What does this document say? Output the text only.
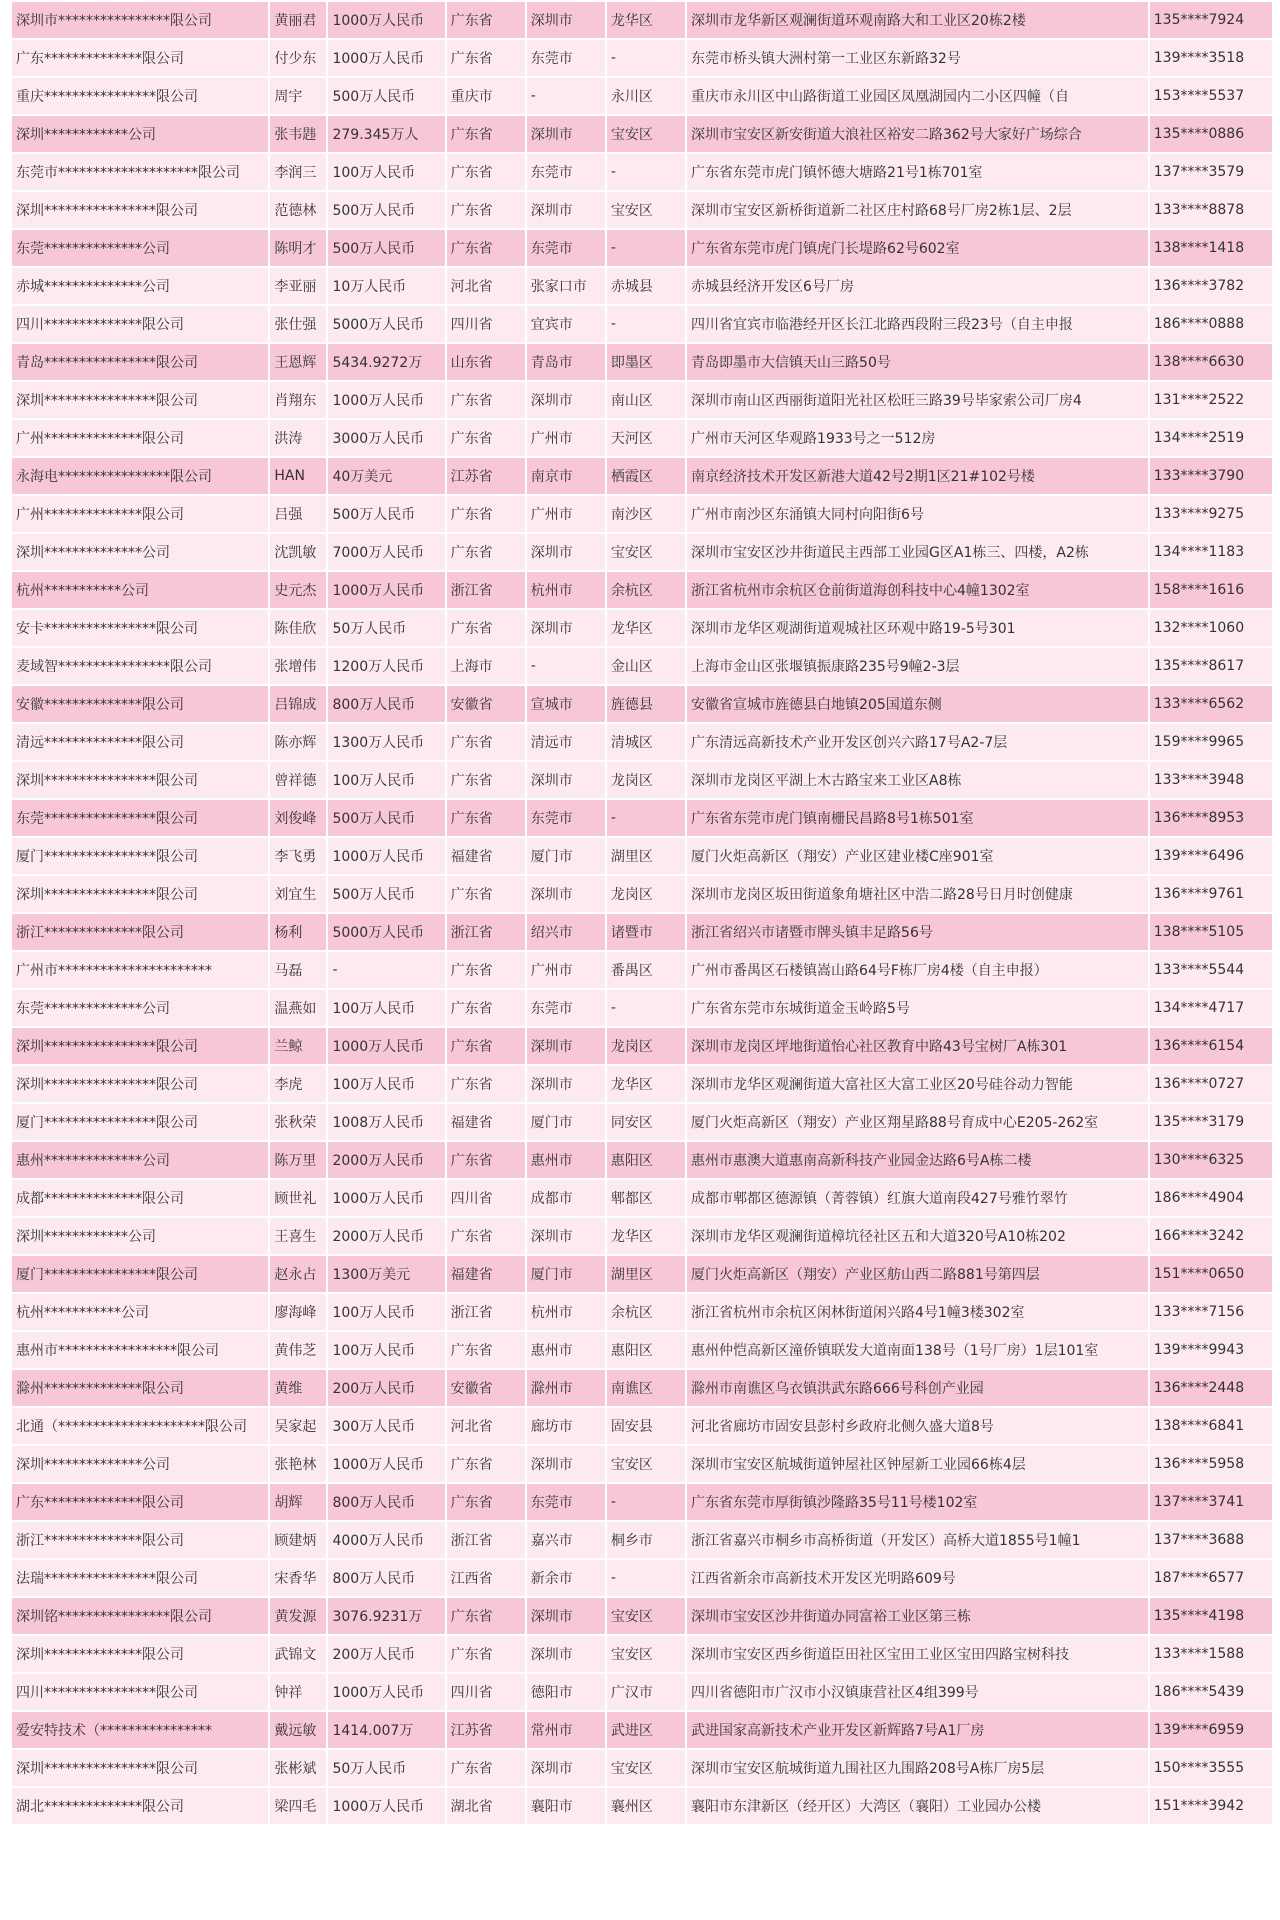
深圳市****************限公司	黄丽君	1000万人民币	广东省	深圳市	龙华区	深圳市龙华新区观澜街道环观南路大和工业区20栋2楼	135****7924
广东**************限公司	付少东	1000万人民币	广东省	东莞市	-	东莞市桥头镇大洲村第一工业区东新路32号	139****3518
重庆****************限公司	周宇	500万人民币	重庆市	-	永川区	重庆市永川区中山路街道工业园区凤凰湖园内二小区四幢（自	153****5537
深圳************公司	张韦韪	279.345万人	广东省	深圳市	宝安区	深圳市宝安区新安街道大浪社区裕安二路362号大家好广场综合	135****0886
东莞市********************限公司	李润三	100万人民币	广东省	东莞市	-	广东省东莞市虎门镇怀德大塘路21号1栋701室	137****3579
深圳****************限公司	范德林	500万人民币	广东省	深圳市	宝安区	深圳市宝安区新桥街道新二社区庄村路68号厂房2栋1层、2层	133****8878
东莞**************公司	陈明才	500万人民币	广东省	东莞市	-	广东省东莞市虎门镇虎门长堤路62号602室	138****1418
赤城**************公司	李亚丽	10万人民币	河北省	张家口市	赤城县	赤城县经济开发区6号厂房	136****3782
四川**************限公司	张仕强	5000万人民币	四川省	宜宾市	-	四川省宜宾市临港经开区长江北路西段附三段23号（自主申报	186****0888
青岛****************限公司	王恩辉	5434.9272万	山东省	青岛市	即墨区	青岛即墨市大信镇天山三路50号	138****6630
深圳****************限公司	肖翔东	1000万人民币	广东省	深圳市	南山区	深圳市南山区西丽街道阳光社区松旺三路39号毕家索公司厂房4	131****2522
广州**************限公司	洪涛	3000万人民币	广东省	广州市	天河区	广州市天河区华观路1933号之一512房	134****2519
永海电****************限公司	HAN	40万美元	江苏省	南京市	栖霞区	南京经济技术开发区新港大道42号2期1区21#102号楼	133****3790
广州**************限公司	吕强	500万人民币	广东省	广州市	南沙区	广州市南沙区东涌镇大同村向阳街6号	133****9275
深圳**************公司	沈凯敏	7000万人民币	广东省	深圳市	宝安区	深圳市宝安区沙井街道民主西部工业园G区A1栋三、四楼，A2栋	134****1183
杭州***********公司	史元杰	1000万人民币	浙江省	杭州市	余杭区	浙江省杭州市余杭区仓前街道海创科技中心4幢1302室	158****1616
安卡****************限公司	陈佳欣	50万人民币	广东省	深圳市	龙华区	深圳市龙华区观湖街道观城社区环观中路19-5号301	132****1060
麦域智****************限公司	张增伟	1200万人民币	上海市	-	金山区	上海市金山区张堰镇振康路235号9幢2-3层	135****8617
安徽**************限公司	吕锦成	800万人民币	安徽省	宣城市	旌德县	安徽省宣城市旌德县白地镇205国道东侧	133****6562
清远**************限公司	陈亦辉	1300万人民币	广东省	清远市	清城区	广东清远高新技术产业开发区创兴六路17号A2-7层	159****9965
深圳****************限公司	曾祥德	100万人民币	广东省	深圳市	龙岗区	深圳市龙岗区平湖上木古路宝来工业区A8栋	133****3948
东莞****************限公司	刘俊峰	500万人民币	广东省	东莞市	-	广东省东莞市虎门镇南栅民昌路8号1栋501室	136****8953
厦门****************限公司	李飞勇	1000万人民币	福建省	厦门市	湖里区	厦门火炬高新区（翔安）产业区建业楼C座901室	139****6496
深圳****************限公司	刘宜生	500万人民币	广东省	深圳市	龙岗区	深圳市龙岗区坂田街道象角塘社区中浩二路28号日月时创健康	136****9761
浙江**************限公司	杨利	5000万人民币	浙江省	绍兴市	诸暨市	浙江省绍兴市诸暨市牌头镇丰足路56号	138****5105
广州市**********************	马磊	-	广东省	广州市	番禺区	广州市番禺区石楼镇嵩山路64号F栋厂房4楼（自主申报）	133****5544
东莞**************公司	温燕如	100万人民币	广东省	东莞市	-	广东省东莞市东城街道金玉岭路5号	134****4717
深圳****************限公司	兰鲸	1000万人民币	广东省	深圳市	龙岗区	深圳市龙岗区坪地街道怡心社区教育中路43号宝树厂A栋301	136****6154
深圳****************限公司	李虎	100万人民币	广东省	深圳市	龙华区	深圳市龙华区观澜街道大富社区大富工业区20号硅谷动力智能	136****0727
厦门****************限公司	张秋荣	1008万人民币	福建省	厦门市	同安区	厦门火炬高新区（翔安）产业区翔星路88号育成中心E205-262室	135****3179
惠州**************公司	陈万里	2000万人民币	广东省	惠州市	惠阳区	惠州市惠澳大道惠南高新科技产业园金达路6号A栋二楼	130****6325
成都**************限公司	顾世礼	1000万人民币	四川省	成都市	郫都区	成都市郫都区德源镇（菁蓉镇）红旗大道南段427号雅竹翠竹	186****4904
深圳************公司	王喜生	2000万人民币	广东省	深圳市	龙华区	深圳市龙华区观澜街道樟坑径社区五和大道320号A10栋202	166****3242
厦门****************限公司	赵永占	1300万美元	福建省	厦门市	湖里区	厦门火炬高新区（翔安）产业区舫山西二路881号第四层	151****0650
杭州***********公司	廖海峰	100万人民币	浙江省	杭州市	余杭区	浙江省杭州市余杭区闲林街道闲兴路4号1幢3楼302室	133****7156
惠州市*****************限公司	黄伟芝	100万人民币	广东省	惠州市	惠阳区	惠州仲恺高新区潼侨镇联发大道南面138号（1号厂房）1层101室	139****9943
滁州**************限公司	黄维	200万人民币	安徽省	滁州市	南谯区	滁州市南谯区乌衣镇洪武东路666号科创产业园	136****2448
北通（*********************限公司	吴家起	300万人民币	河北省	廊坊市	固安县	河北省廊坊市固安县彭村乡政府北侧久盛大道8号	138****6841
深圳**************公司	张艳林	1000万人民币	广东省	深圳市	宝安区	深圳市宝安区航城街道钟屋社区钟屋新工业园66栋4层	136****5958
广东**************限公司	胡辉	800万人民币	广东省	东莞市	-	广东省东莞市厚街镇沙隆路35号11号楼102室	137****3741
浙江**************限公司	顾建炳	4000万人民币	浙江省	嘉兴市	桐乡市	浙江省嘉兴市桐乡市高桥街道（开发区）高桥大道1855号1幢1	137****3688
法瑞****************限公司	宋香华	800万人民币	江西省	新余市	-	江西省新余市高新技术开发区光明路609号	187****6577
深圳铭****************限公司	黄发源	3076.9231万	广东省	深圳市	宝安区	深圳市宝安区沙井街道办同富裕工业区第三栋	135****4198
深圳**************限公司	武锦文	200万人民币	广东省	深圳市	宝安区	深圳市宝安区西乡街道臣田社区宝田工业区宝田四路宝树科技	133****1588
四川****************限公司	钟祥	1000万人民币	四川省	德阳市	广汉市	四川省德阳市广汉市小汉镇康营社区4组399号	186****5439
爱安特技术（****************	戴远敏	1414.007万	江苏省	常州市	武进区	武进国家高新技术产业开发区新辉路7号A1厂房	139****6959
深圳****************限公司	张彬斌	50万人民币	广东省	深圳市	宝安区	深圳市宝安区航城街道九围社区九围路208号A栋厂房5层	150****3555
湖北**************限公司	梁四毛	1000万人民币	湖北省	襄阳市	襄州区	襄阳市东津新区（经开区）大湾区（襄阳）工业园办公楼	151****3942
